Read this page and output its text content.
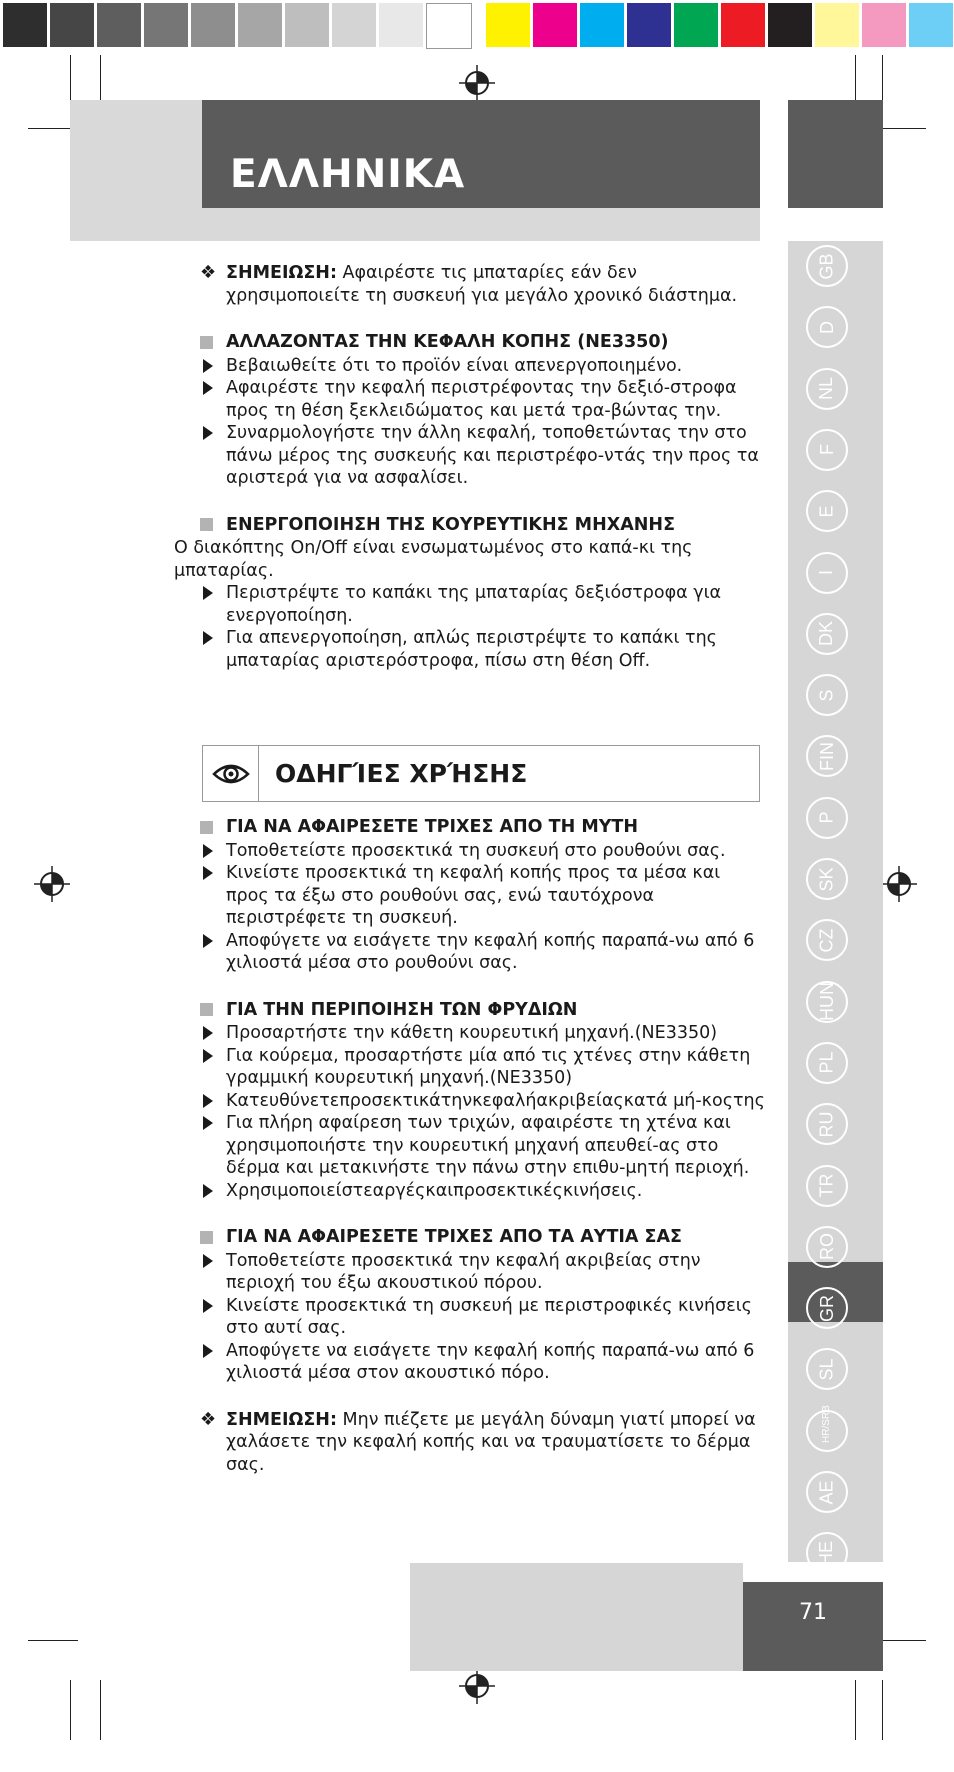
ΕΛΛΗΝΙΚΑ
GB
D
NL
F
E
I
DK
S
FIN
P
SK
CZ
HUN
PL
RU
TR
RO
GR
SL
HR/SRB
AE
HE
71
ΟΔΗΓΊΕΣ ΧΡΉΣΗΣ
❖ ΣΗΜΕΙΩΣΗ: Αφαιρέστε τις μπαταρίες εάν δεν χρησιμοποιείτε τη συσκευή για μεγάλο χρονικό διάστημα.
ΑΛΛΑΖΟΝΤΑΣ ΤΗΝ ΚΕΦΑΛΗ ΚΟΠΗΣ (NE3350)
Βεβαιωθείτε ότι το προϊόν είναι απενεργοποιημένο.
Αφαιρέστε την κεφαλή περιστρέφοντας την δεξιό-στροφα προς τη θέση ξεκλειδώματος και μετά τρα-βώντας την.
Συναρμολογήστε την άλλη κεφαλή, τοποθετώντας την στο πάνω μέρος της συσκευής και περιστρέφο-ντάς την προς τα αριστερά για να ασφαλίσει.
ΕΝΕΡΓΟΠΟΙΗΣΗ ΤΗΣ ΚΟΥΡΕΥΤΙΚΗΣ ΜΗΧΑΝΗΣ

Ο διακόπτης On/Off είναι ενσωματωμένος στο καπά-κι της μπαταρίας.

Περιστρέψτε το καπάκι της μπαταρίας δεξιόστροφα για ενεργοποίηση.
Για απενεργοποίηση, απλώς περιστρέψτε το καπάκι της μπαταρίας αριστερόστροφα, πίσω στη θέση Off.
ΓΙΑ ΝΑ ΑΦΑΙΡΕΣΕΤΕ ΤΡΙΧΕΣ ΑΠΟ ΤΗ ΜΥΤΗ
Τοποθετείστε προσεκτικά τη συσκευή στο ρουθούνι σας.
Κινείστε προσεκτικά τη κεφαλή κοπής προς τα μέσα και προς τα έξω στο ρουθούνι σας, ενώ ταυτόχρονα περιστρέφετε τη συσκευή.
Αποφύγετε να εισάγετε την κεφαλή κοπής παραπά-νω από 6 χιλιοστά μέσα στο ρουθούνι σας.
ΓΙΑ ΤΗΝ ΠΕΡΙΠΟΙΗΣΗ ΤΩΝ ΦΡΥΔΙΩΝ
Προσαρτήστε την κάθετη κουρευτική μηχανή.(NE3350)
Για κούρεμα, προσαρτήστε μία από τις χτένες στην κάθετη γραμμική κουρευτική μηχανή.(NE3350)
Κατευθύνετεπροσεκτικάτηνκεφαλήακριβείαςκατά μή-κοςτης
Για πλήρη αφαίρεση των τριχών, αφαιρέστε τη χτένα και χρησιμοποιήστε την κουρευτική μηχανή απευθεί-ας στο δέρμα και μετακινήστε την πάνω στην επιθυ-μητή περιοχή.
Χρησιμοποιείστεαργέςκαιπροσεκτικέςκινήσεις.
ΓΙΑ ΝΑ ΑΦΑΙΡΕΣΕΤΕ ΤΡΙΧΕΣ ΑΠΟ ΤΑ ΑΥΤΙΑ ΣΑΣ
Τοποθετείστε προσεκτικά την κεφαλή ακριβείας στην περιοχή του έξω ακουστικού πόρου.
Κινείστε προσεκτικά τη συσκευή με περιστροφικές κινήσεις στο αυτί σας.
Αποφύγετε να εισάγετε την κεφαλή κοπής παραπά-νω από 6 χιλιοστά μέσα στον ακουστικό πόρο.
❖ ΣΗΜΕΙΩΣΗ: Μην πιέζετε με μεγάλη δύναμη γιατί μπορεί να χαλάσετε την κεφαλή κοπής και να τραυματίσετε το δέρμα σας.
